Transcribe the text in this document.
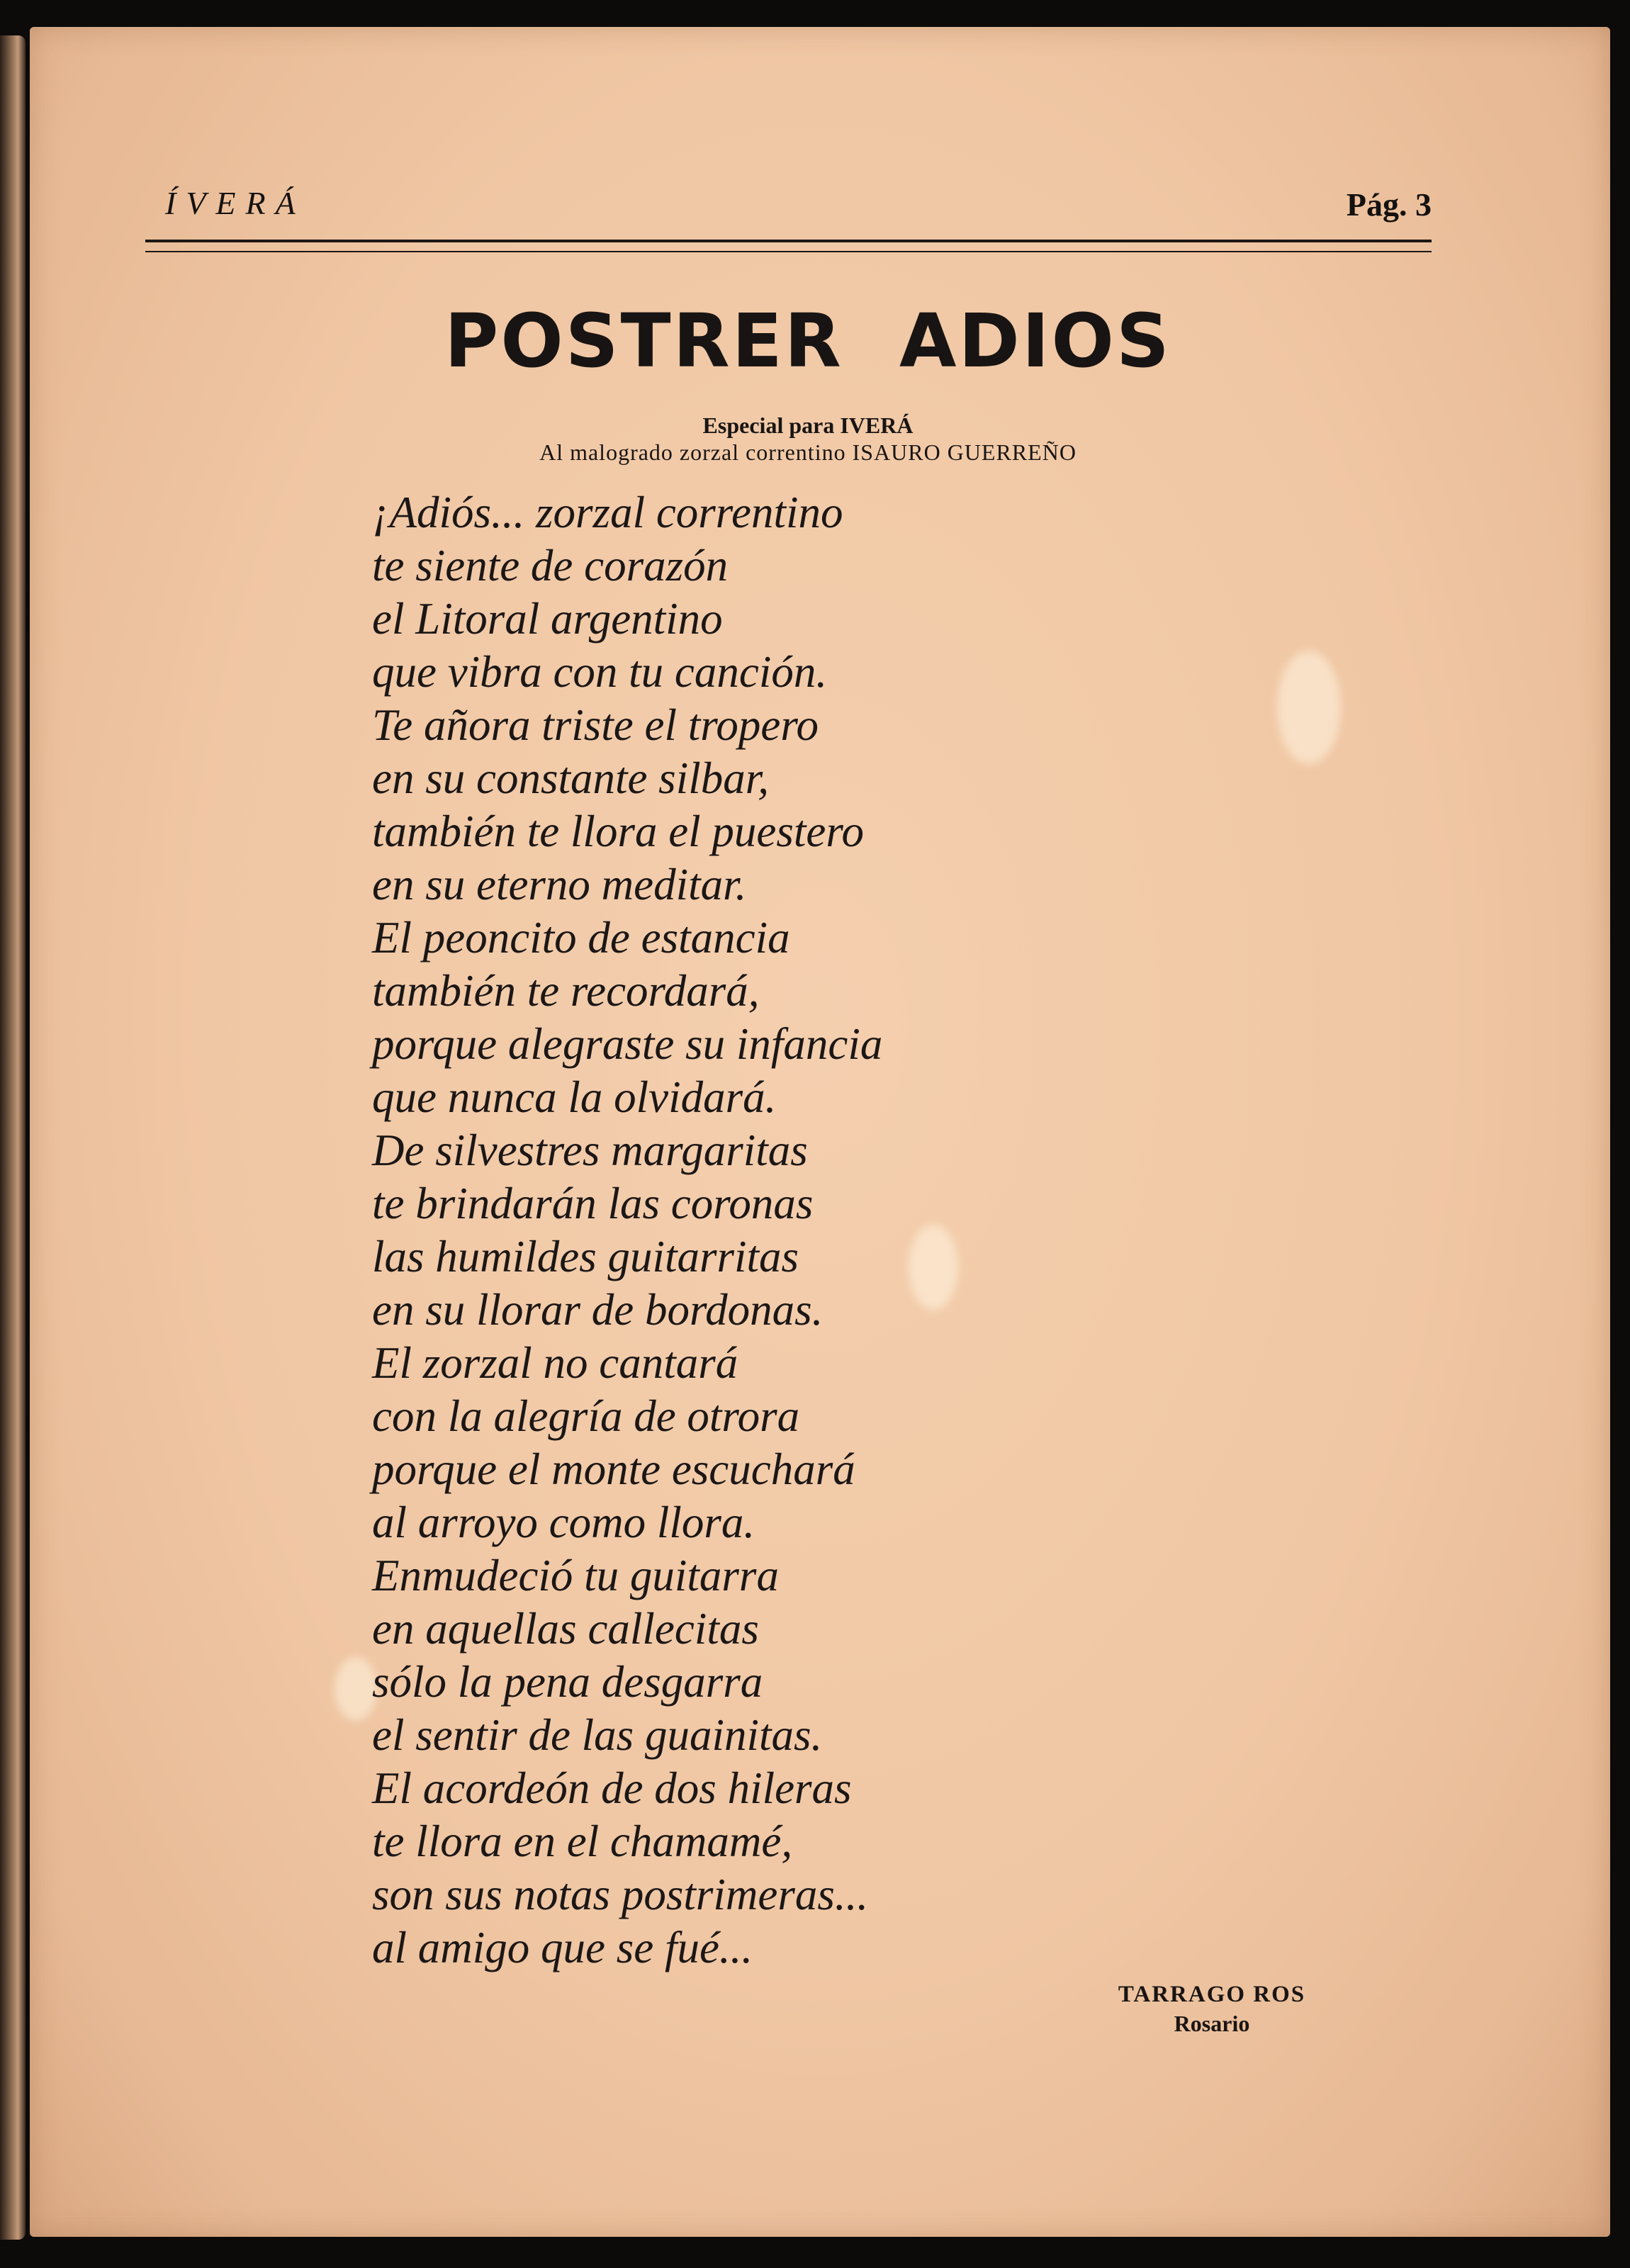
ÍVERÁ	Pág. 3
POSTRER ADIOS
Especial para IVERÁ
Al malogrado zorzal correntino ISAURO GUERREÑO
¡Adiós... zorzal correntino
te siente de corazón
el Litoral argentino
que vibra con tu canción.
Te añora triste el tropero
en su constante silbar,
también te llora el puestero
en su eterno meditar.
El peoncito de estancia
también te recordará,
porque alegraste su infancia
que nunca la olvidará.
De silvestres margaritas
te brindarán las coronas
las humildes guitarritas
en su llorar de bordonas.
El zorzal no cantará
con la alegría de otrora
porque el monte escuchará
al arroyo como llora.
Enmudeció tu guitarra
en aquellas callecitas
sólo la pena desgarra
el sentir de las guainitas.
El acordeón de dos hileras
te llora en el chamamé,
son sus notas postrimeras...
al amigo que se fué...
TARRAGO ROS
Rosario
